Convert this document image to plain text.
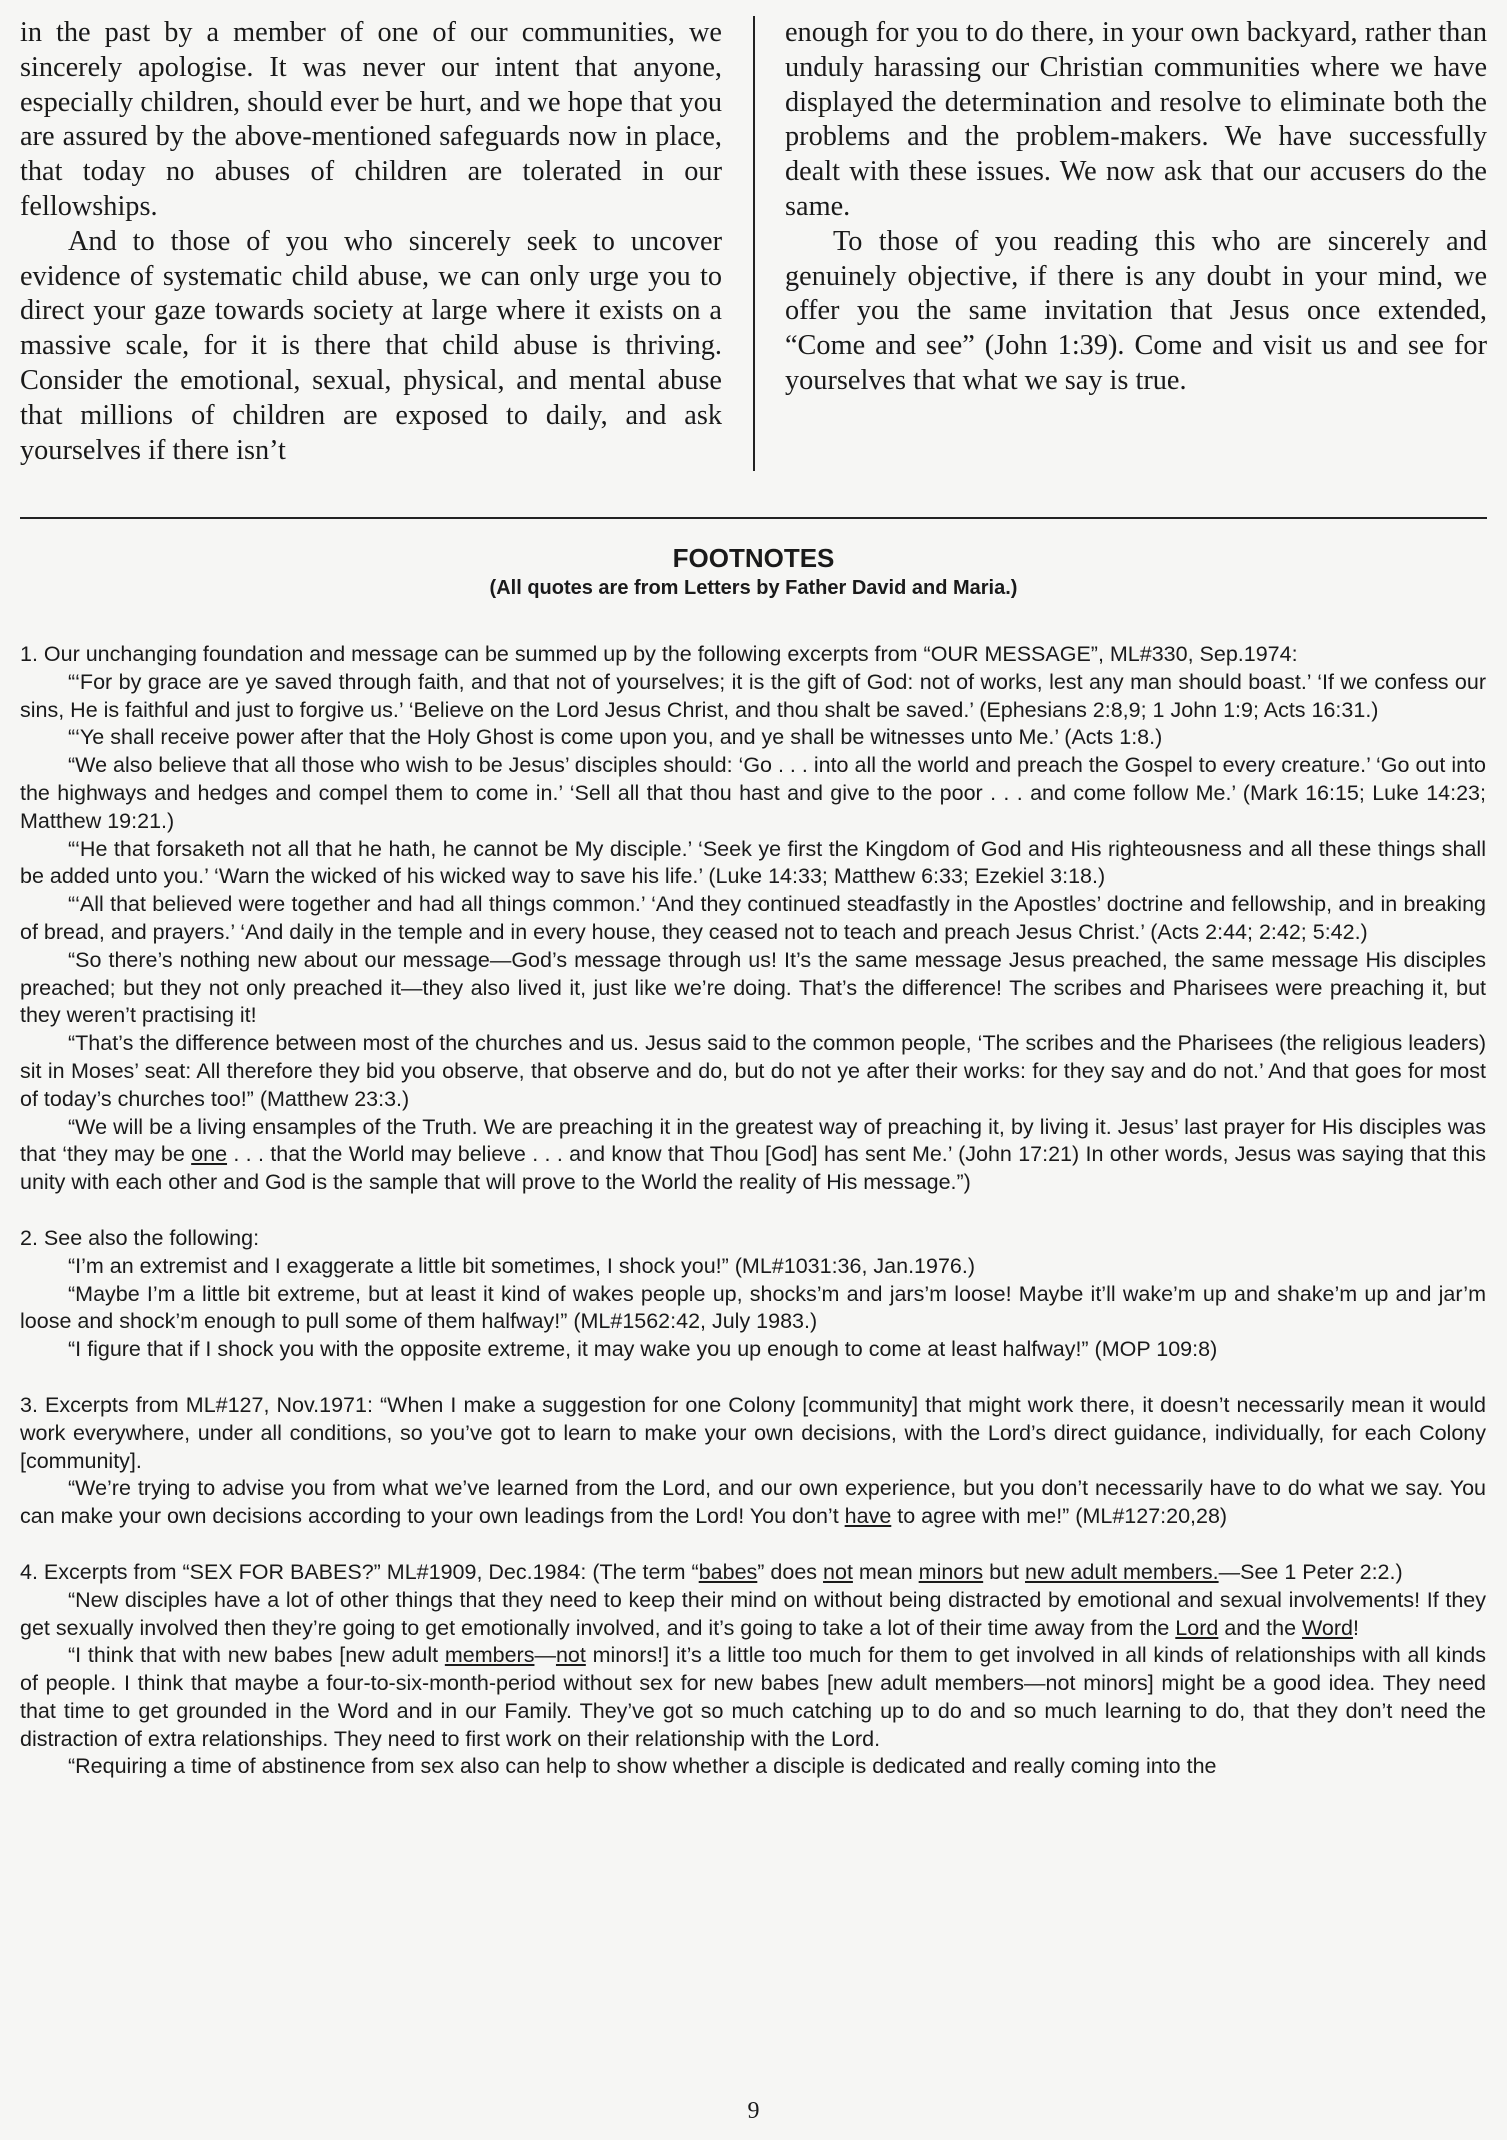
in the past by a member of one of our communities, we sincerely apologise. It was never our intent that anyone, especially children, should ever be hurt, and we hope that you are assured by the above-mentioned safeguards now in place, that today no abuses of children are tolerated in our fellowships.

And to those of you who sincerely seek to uncover evidence of systematic child abuse, we can only urge you to direct your gaze towards society at large where it exists on a massive scale, for it is there that child abuse is thriving. Consider the emotional, sexual, physical, and mental abuse that millions of children are exposed to daily, and ask yourselves if there isn’t

enough for you to do there, in your own backyard, rather than unduly harassing our Christian communities where we have displayed the determination and resolve to eliminate both the problems and the problem-makers. We have successfully dealt with these issues. We now ask that our accusers do the same.

To those of you reading this who are sincerely and genuinely objective, if there is any doubt in your mind, we offer you the same invitation that Jesus once extended, “Come and see” (John 1:39). Come and visit us and see for yourselves that what we say is true.

FOOTNOTES
(All quotes are from Letters by Father David and Maria.)

1. Our unchanging foundation and message can be summed up by the following excerpts from “OUR MESSAGE”, ML#330, Sep.1974:

“‘For by grace are ye saved through faith, and that not of yourselves; it is the gift of God: not of works, lest any man should boast.’ ‘If we confess our sins, He is faithful and just to forgive us.’ ‘Believe on the Lord Jesus Christ, and thou shalt be saved.’ (Ephesians 2:8,9; 1 John 1:9; Acts 16:31.)

“‘Ye shall receive power after that the Holy Ghost is come upon you, and ye shall be witnesses unto Me.’ (Acts 1:8.)

“We also believe that all those who wish to be Jesus’ disciples should: ‘Go . . . into all the world and preach the Gospel to every creature.’ ‘Go out into the highways and hedges and compel them to come in.’ ‘Sell all that thou hast and give to the poor . . . and come follow Me.’ (Mark 16:15; Luke 14:23; Matthew 19:21.)

“‘He that forsaketh not all that he hath, he cannot be My disciple.’ ‘Seek ye first the Kingdom of God and His righteousness and all these things shall be added unto you.’ ‘Warn the wicked of his wicked way to save his life.’ (Luke 14:33; Matthew 6:33; Ezekiel 3:18.)

“‘All that believed were together and had all things common.’ ‘And they continued steadfastly in the Apostles’ doctrine and fellowship, and in breaking of bread, and prayers.’ ‘And daily in the temple and in every house, they ceased not to teach and preach Jesus Christ.’ (Acts 2:44; 2:42; 5:42.)

“So there’s nothing new about our message—God’s message through us! It’s the same message Jesus preached, the same message His disciples preached; but they not only preached it—they also lived it, just like we’re doing. That’s the difference! The scribes and Pharisees were preaching it, but they weren’t practising it!

“That’s the difference between most of the churches and us. Jesus said to the common people, ‘The scribes and the Pharisees (the religious leaders) sit in Moses’ seat: All therefore they bid you observe, that observe and do, but do not ye after their works: for they say and do not.’ And that goes for most of today’s churches too!” (Matthew 23:3.)

“We will be a living ensamples of the Truth. We are preaching it in the greatest way of preaching it, by living it. Jesus’ last prayer for His disciples was that ‘they may be one . . . that the World may believe . . . and know that Thou [God] has sent Me.’ (John 17:21) In other words, Jesus was saying that this unity with each other and God is the sample that will prove to the World the reality of His message.”)

2. See also the following:

“I’m an extremist and I exaggerate a little bit sometimes, I shock you!” (ML#1031:36, Jan.1976.)

“Maybe I’m a little bit extreme, but at least it kind of wakes people up, shocks’m and jars’m loose! Maybe it’ll wake’m up and shake’m up and jar’m loose and shock’m enough to pull some of them halfway!” (ML#1562:42, July 1983.)

“I figure that if I shock you with the opposite extreme, it may wake you up enough to come at least halfway!” (MOP 109:8)

3. Excerpts from ML#127, Nov.1971: “When I make a suggestion for one Colony [community] that might work there, it doesn’t necessarily mean it would work everywhere, under all conditions, so you’ve got to learn to make your own decisions, with the Lord’s direct guidance, individually, for each Colony [community].

“We’re trying to advise you from what we’ve learned from the Lord, and our own experience, but you don’t necessarily have to do what we say. You can make your own decisions according to your own leadings from the Lord! You don’t have to agree with me!” (ML#127:20,28)

4. Excerpts from “SEX FOR BABES?” ML#1909, Dec.1984: (The term “babes” does not mean minors but new adult members.—See 1 Peter 2:2.)

“New disciples have a lot of other things that they need to keep their mind on without being distracted by emotional and sexual involvements! If they get sexually involved then they’re going to get emotionally involved, and it’s going to take a lot of their time away from the Lord and the Word!

“I think that with new babes [new adult members—not minors!] it’s a little too much for them to get involved in all kinds of relationships with all kinds of people. I think that maybe a four-to-six-month-period without sex for new babes [new adult members—not minors] might be a good idea. They need that time to get grounded in the Word and in our Family. They’ve got so much catching up to do and so much learning to do, that they don’t need the distraction of extra relationships. They need to first work on their relationship with the Lord.

“Requiring a time of abstinence from sex also can help to show whether a disciple is dedicated and really coming into the

9
